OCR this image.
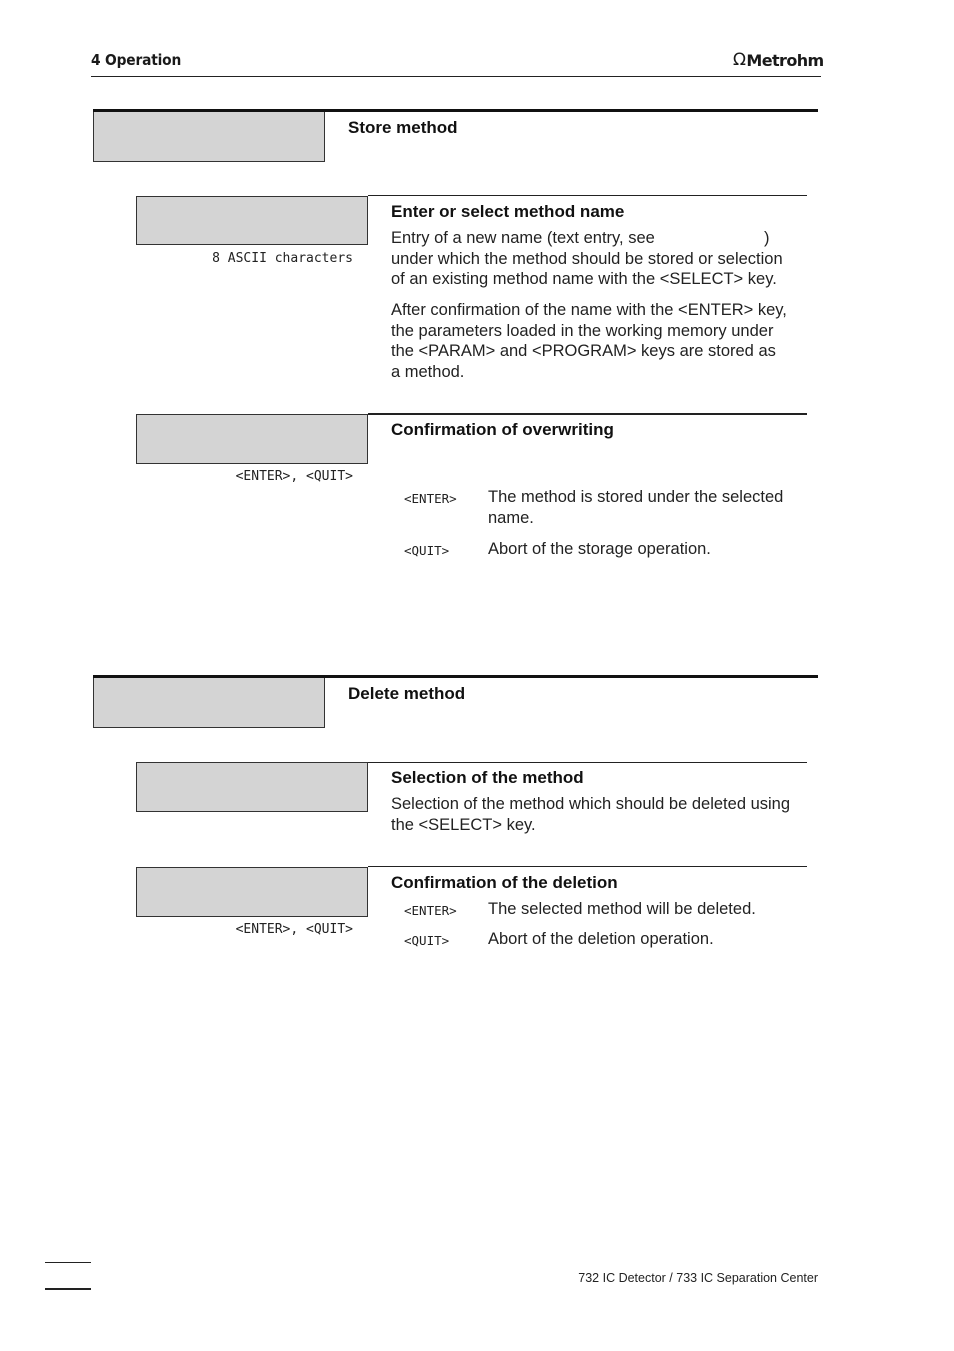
4 Operation	Ω Metrohm
Store method
8 ASCII characters
Enter or select method name
Entry of a new name (text entry, see	)
under which the method should be stored or selection
of an existing method name with the <SELECT> key.
After confirmation of the name with the <ENTER> key,
the parameters loaded in the working memory under
the <PARAM> and <PROGRAM> keys are stored as
a method.
<ENTER>, <QUIT>
Confirmation of overwriting
<ENTER> The method is stored under the selected
name.
<QUIT> Abort of the storage operation.
Delete method
Selection of the method
Selection of the method which should be deleted using
the <SELECT> key.
<ENTER>, <QUIT>
Confirmation of the deletion
<ENTER> The selected method will be deleted.
<QUIT> Abort of the deletion operation.
732 IC Detector / 733 IC Separation Center
